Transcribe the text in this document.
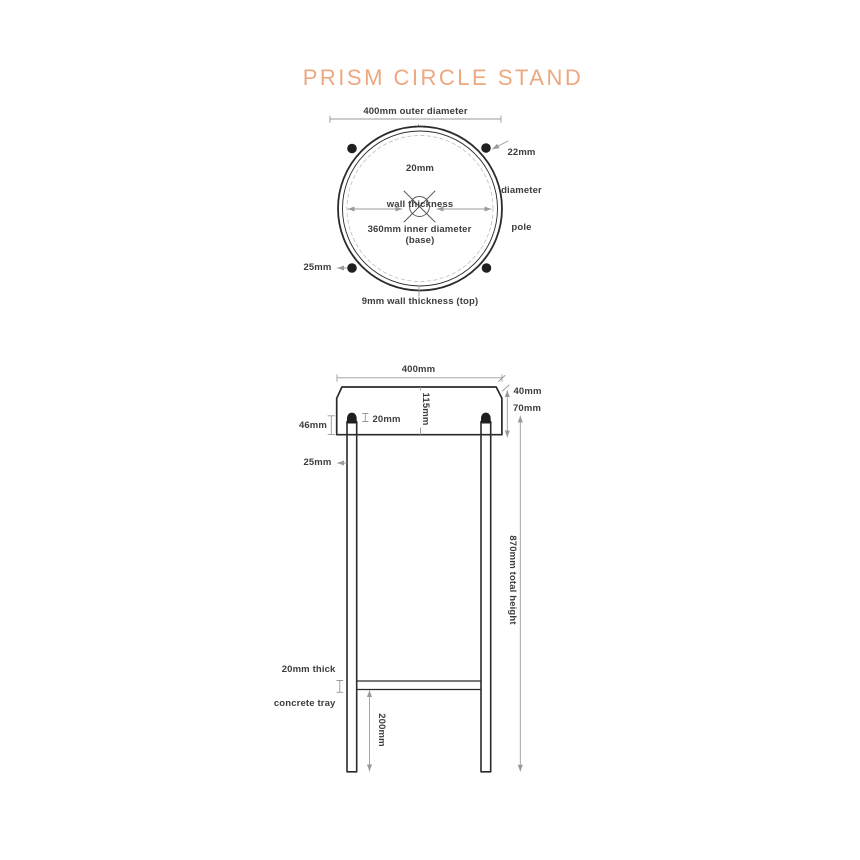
PRISM CIRCLE STAND
400mm outer diameter

20mm

wall thickness

(base)

22mm

diameter

pole

360mm inner diameter
9mm wall thickness (top)
25mm
400mm
115mm
40mm
70mm
46mm
20mm
25mm
870mm total height

20mm thick

concrete tray

200mm
